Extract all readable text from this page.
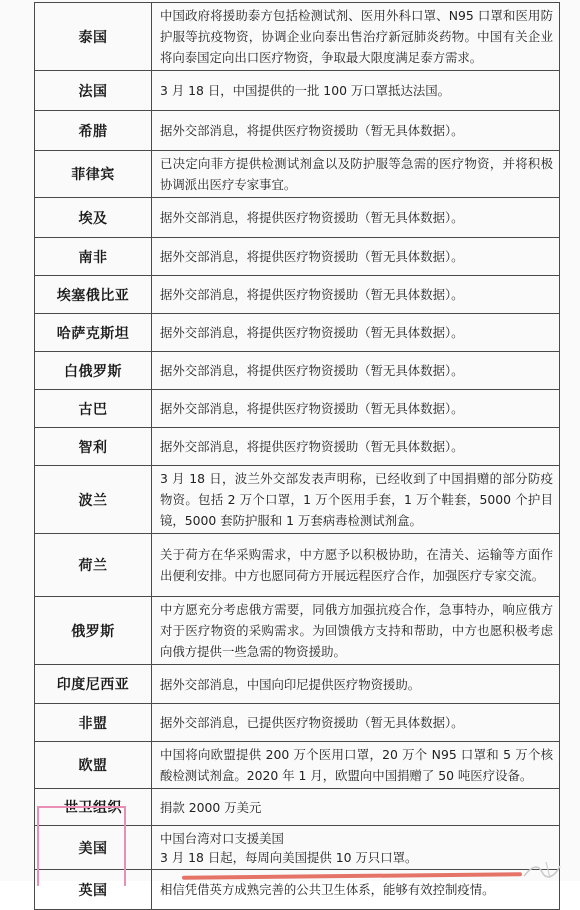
泰国	中国政府将援助泰方包括检测试剂、医用外科口罩、N95 口罩和医用防护服等抗疫物资，协调企业向泰出售治疗新冠肺炎药物。中国有关企业将向泰国定向出口医疗物资，争取最大限度满足泰方需求。
法国	3 月 18 日，中国提供的一批 100 万口罩抵达法国。
希腊	据外交部消息，将提供医疗物资援助（暂无具体数据）。
菲律宾	已决定向菲方提供检测试剂盒以及防护服等急需的医疗物资，并将积极协调派出医疗专家事宜。
埃及	据外交部消息，将提供医疗物资援助（暂无具体数据）。
南非	据外交部消息，将提供医疗物资援助（暂无具体数据）。
埃塞俄比亚	据外交部消息，将提供医疗物资援助（暂无具体数据）。
哈萨克斯坦	据外交部消息，将提供医疗物资援助（暂无具体数据）。
白俄罗斯	据外交部消息，将提供医疗物资援助（暂无具体数据）。
古巴	据外交部消息，将提供医疗物资援助（暂无具体数据）。
智利	据外交部消息，将提供医疗物资援助（暂无具体数据）。
波兰	3 月 18 日，波兰外交部发表声明称，已经收到了中国捐赠的部分防疫物资。包括 2 万个口罩，1 万个医用手套，1 万个鞋套，5000 个护目镜，5000 套防护服和 1 万套病毒检测试剂盒。
荷兰	关于荷方在华采购需求，中方愿予以积极协助，在清关、运输等方面作出便利安排。中方也愿同荷方开展远程医疗合作，加强医疗专家交流。
俄罗斯	中方愿充分考虑俄方需要，同俄方加强抗疫合作，急事特办，响应俄方对于医疗物资的采购需求。为回馈俄方支持和帮助，中方也愿积极考虑向俄方提供一些急需的物资援助。
印度尼西亚	据外交部消息，中国向印尼提供医疗物资援助。
非盟	据外交部消息，已提供医疗物资援助（暂无具体数据）。
欧盟	中国将向欧盟提供 200 万个医用口罩，20 万个 N95 口罩和 5 万个核酸检测试剂盒。2020 年 1 月，欧盟向中国捐赠了 50 吨医疗设备。
世卫组织	捐款 2000 万美元
美国	中国台湾对口支援美国
3 月 18 日起，每周向美国提供 10 万只口罩。
英国	相信凭借英方成熟完善的公共卫生体系，能够有效控制疫情。
